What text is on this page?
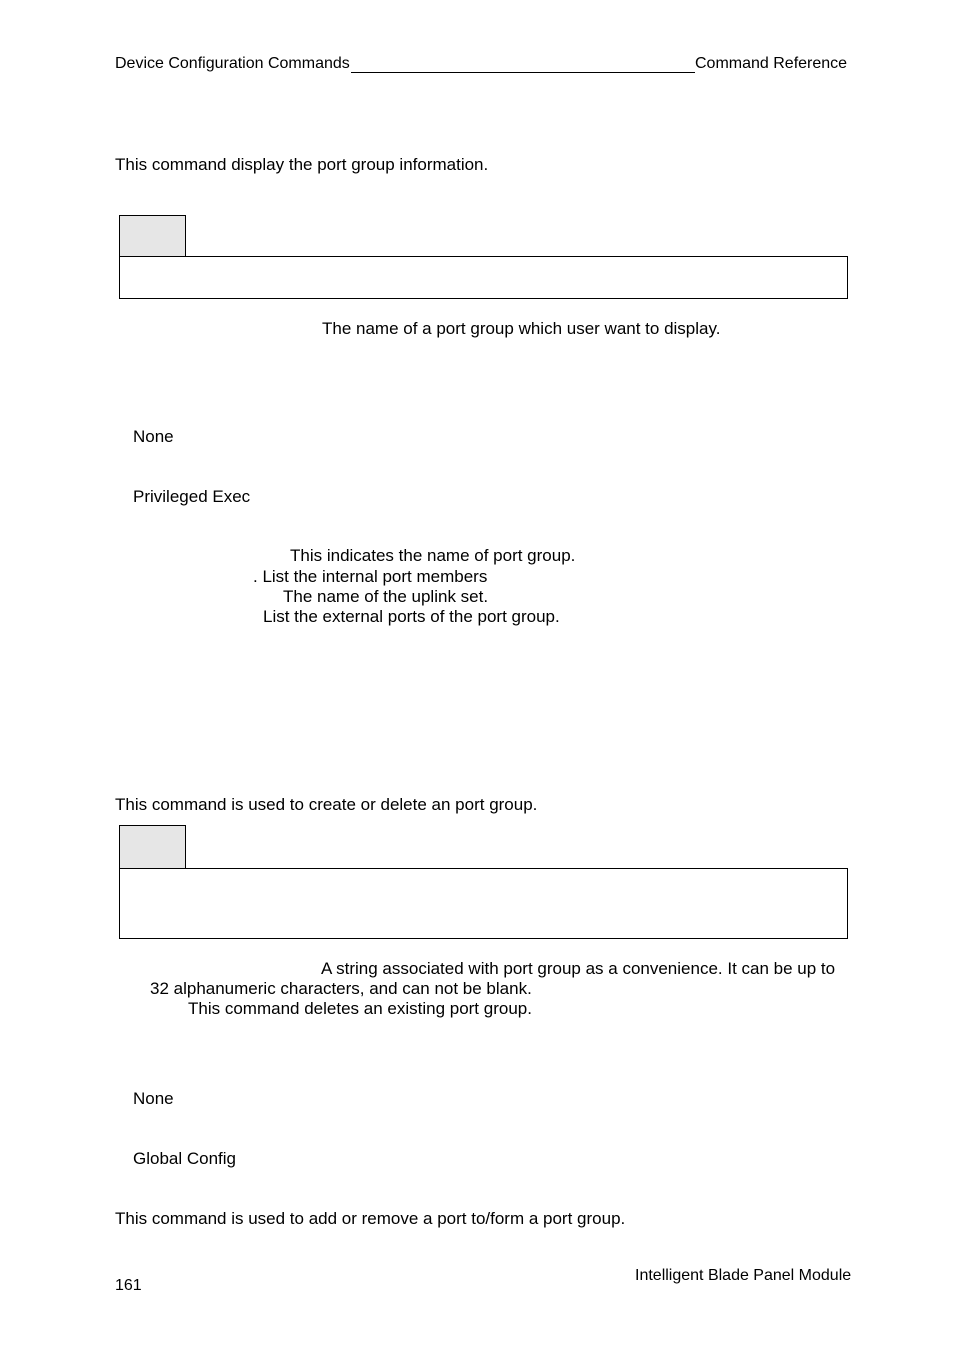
Device Configuration Commands	Command Reference
This command display the port group information.
The name of a port group which user want to display.
None
Privileged Exec
This indicates the name of port group.
. List the internal port members
The name of the uplink set.
List the external ports of the port group.
This command is used to create or delete an port group.
A string associated with port group as a convenience. It can be up to
32 alphanumeric characters, and can not be blank.
This command deletes an existing port group.
None
Global Config
This command is used to add or remove a port to/form a port group.
161
Intelligent Blade Panel Module
